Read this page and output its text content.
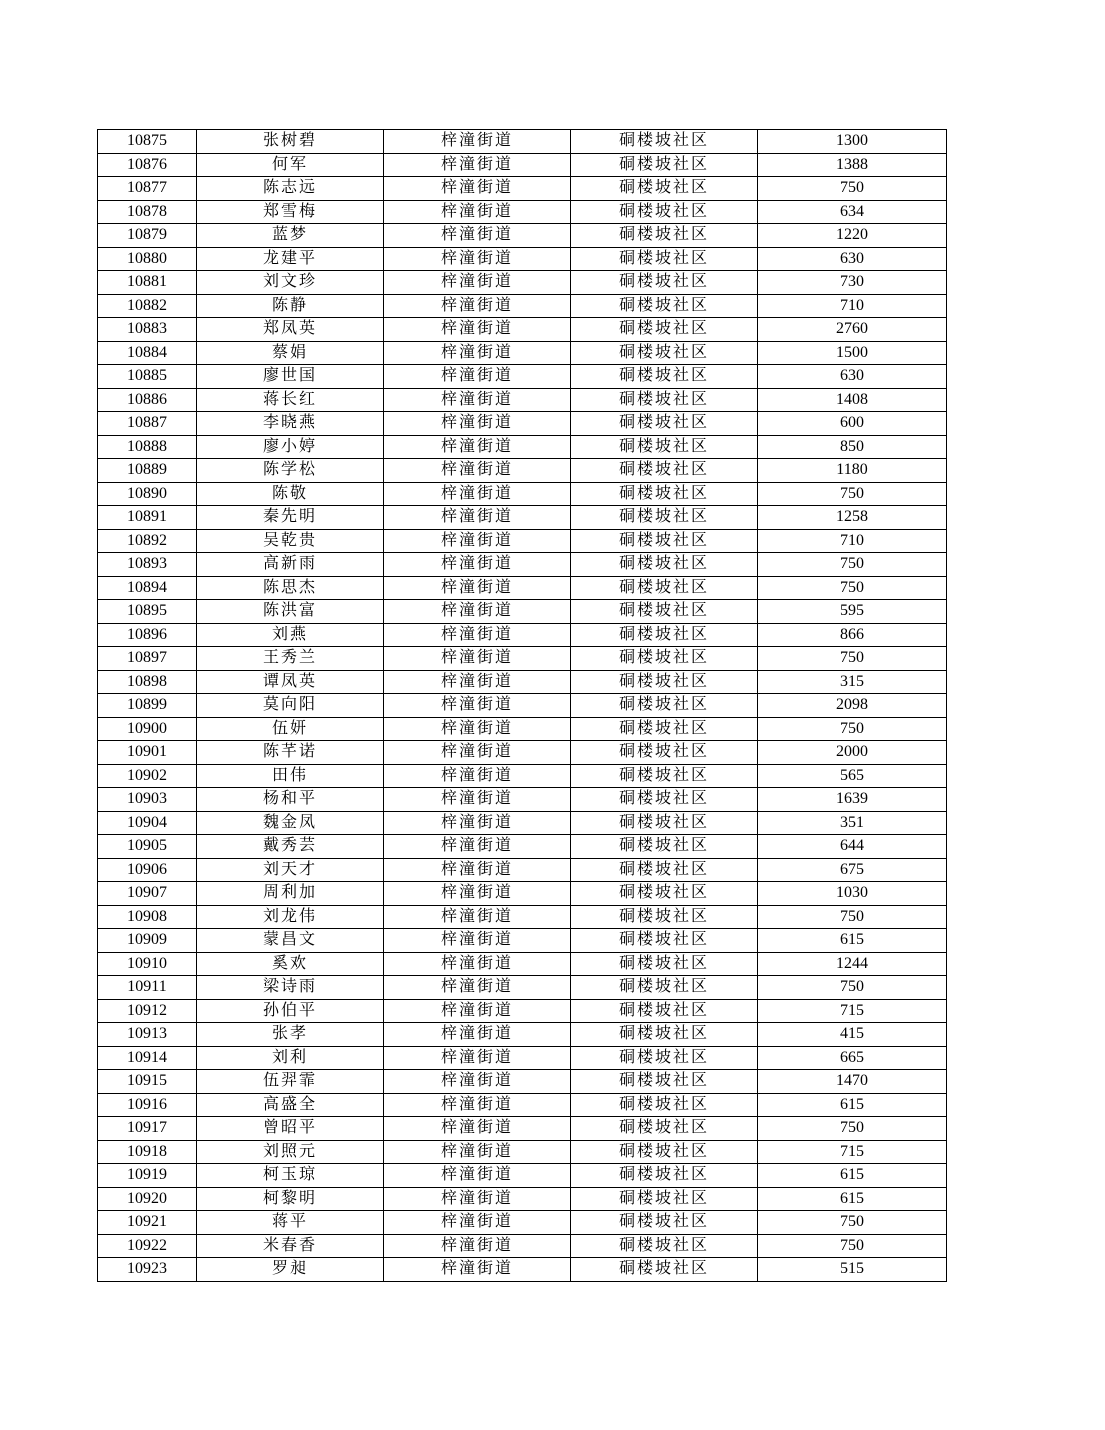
10875	张树碧	梓潼街道	硐楼坡社区	1300
10876	何军	梓潼街道	硐楼坡社区	1388
10877	陈志远	梓潼街道	硐楼坡社区	750
10878	郑雪梅	梓潼街道	硐楼坡社区	634
10879	蓝梦	梓潼街道	硐楼坡社区	1220
10880	龙建平	梓潼街道	硐楼坡社区	630
10881	刘文珍	梓潼街道	硐楼坡社区	730
10882	陈静	梓潼街道	硐楼坡社区	710
10883	郑凤英	梓潼街道	硐楼坡社区	2760
10884	蔡娟	梓潼街道	硐楼坡社区	1500
10885	廖世国	梓潼街道	硐楼坡社区	630
10886	蒋长红	梓潼街道	硐楼坡社区	1408
10887	李晓燕	梓潼街道	硐楼坡社区	600
10888	廖小婷	梓潼街道	硐楼坡社区	850
10889	陈学松	梓潼街道	硐楼坡社区	1180
10890	陈敬	梓潼街道	硐楼坡社区	750
10891	秦先明	梓潼街道	硐楼坡社区	1258
10892	吴乾贵	梓潼街道	硐楼坡社区	710
10893	高新雨	梓潼街道	硐楼坡社区	750
10894	陈思杰	梓潼街道	硐楼坡社区	750
10895	陈洪富	梓潼街道	硐楼坡社区	595
10896	刘燕	梓潼街道	硐楼坡社区	866
10897	王秀兰	梓潼街道	硐楼坡社区	750
10898	谭凤英	梓潼街道	硐楼坡社区	315
10899	莫向阳	梓潼街道	硐楼坡社区	2098
10900	伍妍	梓潼街道	硐楼坡社区	750
10901	陈芊诺	梓潼街道	硐楼坡社区	2000
10902	田伟	梓潼街道	硐楼坡社区	565
10903	杨和平	梓潼街道	硐楼坡社区	1639
10904	魏金凤	梓潼街道	硐楼坡社区	351
10905	戴秀芸	梓潼街道	硐楼坡社区	644
10906	刘天才	梓潼街道	硐楼坡社区	675
10907	周利加	梓潼街道	硐楼坡社区	1030
10908	刘龙伟	梓潼街道	硐楼坡社区	750
10909	蒙昌文	梓潼街道	硐楼坡社区	615
10910	奚欢	梓潼街道	硐楼坡社区	1244
10911	梁诗雨	梓潼街道	硐楼坡社区	750
10912	孙伯平	梓潼街道	硐楼坡社区	715
10913	张孝	梓潼街道	硐楼坡社区	415
10914	刘利	梓潼街道	硐楼坡社区	665
10915	伍羿霏	梓潼街道	硐楼坡社区	1470
10916	高盛全	梓潼街道	硐楼坡社区	615
10917	曾昭平	梓潼街道	硐楼坡社区	750
10918	刘照元	梓潼街道	硐楼坡社区	715
10919	柯玉琼	梓潼街道	硐楼坡社区	615
10920	柯黎明	梓潼街道	硐楼坡社区	615
10921	蒋平	梓潼街道	硐楼坡社区	750
10922	米春香	梓潼街道	硐楼坡社区	750
10923	罗昶	梓潼街道	硐楼坡社区	515
